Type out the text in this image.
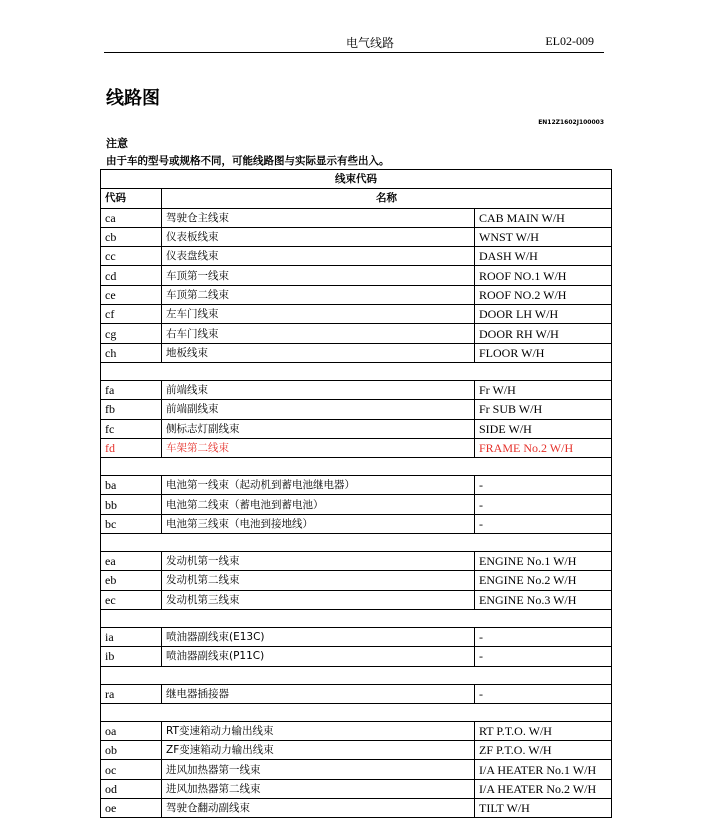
电气线路	EL02-009
线路图
EN12Z1602J100003
注意
由于车的型号或规格不同，可能线路图与实际显示有些出入。
线束代码		
代码	名称	
ca	驾驶仓主线束	CAB MAIN W/H
cb	仪表板线束	WNST W/H
cc	仪表盘线束	DASH W/H
cd	车顶第一线束	ROOF NO.1 W/H
ce	车顶第二线束	ROOF NO.2 W/H
cf	左车门线束	DOOR LH W/H
cg	右车门线束	DOOR RH W/H
ch	地板线束	FLOOR W/H

fa	前端线束	Fr W/H
fb	前端副线束	Fr SUB W/H
fc	侧标志灯副线束	SIDE W/H
fd	车架第二线束	FRAME No.2 W/H

ba	电池第一线束（起动机到蓄电池继电器）	-
bb	电池第二线束（蓄电池到蓄电池）	-
bc	电池第三线束（电池到接地线）	-

ea	发动机第一线束	ENGINE No.1 W/H
eb	发动机第二线束	ENGINE No.2 W/H
ec	发动机第三线束	ENGINE No.3 W/H

ia	喷油器副线束(E13C)	-
ib	喷油器副线束(P11C)	-

ra	继电器插接器	-

oa	RT变速箱动力输出线束	RT P.T.O. W/H
ob	ZF变速箱动力输出线束	ZF P.T.O. W/H
oc	进风加热器第一线束	I/A HEATER No.1 W/H
od	进风加热器第二线束	I/A HEATER No.2 W/H
oe	驾驶仓翻动副线束	TILT W/H
